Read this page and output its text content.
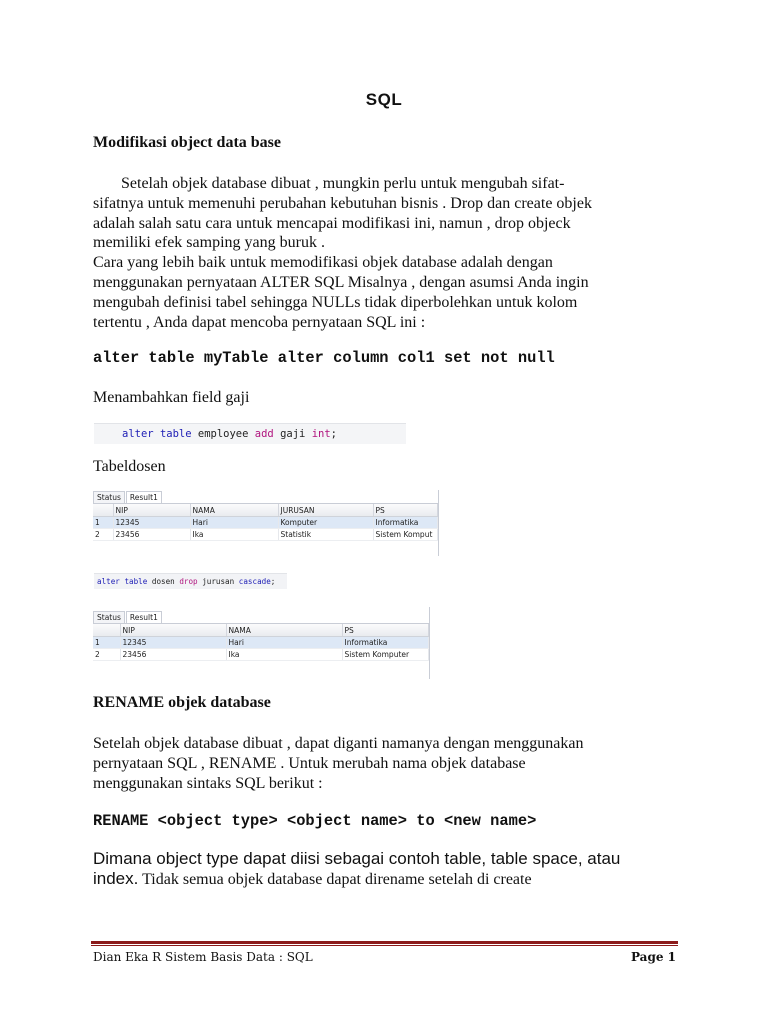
SQL
Modifikasi object data base

Setelah objek database dibuat , mungkin perlu untuk mengubah sifat-
sifatnya untuk memenuhi perubahan kebutuhan bisnis . Drop dan create objek
adalah salah satu cara untuk mencapai modifikasi ini, namun , drop objeck
memiliki efek samping yang buruk .
Cara yang lebih baik untuk memodifikasi objek database adalah dengan
menggunakan pernyataan ALTER SQL Misalnya , dengan asumsi Anda ingin
mengubah definisi tabel sehingga NULLs tidak diperbolehkan untuk kolom
tertentu , Anda dapat mencoba pernyataan SQL ini :

alter table myTable alter column col1 set not null
Menambahkan field gaji
alter table employee add gaji int;
Tabeldosen
Status	Result1
	NIP	NAMA	JURUSAN	PS
1	12345	Hari	Komputer	Informatika
2	23456	Ika	Statistik	Sistem Komput
alter table dosen drop jurusan cascade;
Status	Result1
	NIP	NAMA	PS
1	12345	Hari	Informatika
2	23456	Ika	Sistem Komputer
RENAME objek database

Setelah objek database dibuat , dapat diganti namanya dengan menggunakan
pernyataan SQL , RENAME . Untuk merubah nama objek database
menggunakan sintaks SQL berikut :

RENAME <object type> <object name> to <new name>
Dimana object type dapat diisi sebagai contoh table, table space, atau
index. Tidak semua objek database dapat direname setelah di create
Dian Eka R Sistem Basis Data : SQL	Page 1
